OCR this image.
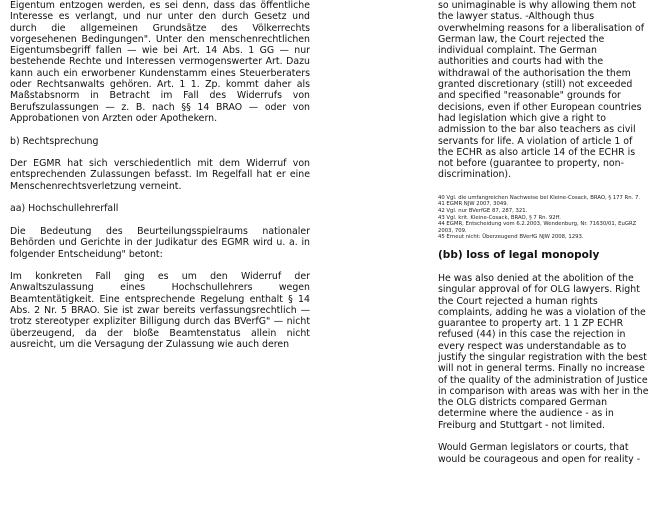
Eigentum entzogen werden, es sei denn, dass das öffentliche Interesse es verlangt, und nur unter den durch Gesetz und durch die allgemeinen Grundsätze des Völkerrechts vorgesehenen Bedingungen". Unter den menschenrechtlichen Eigentumsbegriff fallen — wie bei Art. 14 Abs. 1 GG — nur bestehende Rechte und Interessen vermogenswerter Art. Dazu kann auch ein erworbener Kundenstamm eines Steuerberaters oder Rechtsanwalts gehören. Art. 1 1. Zp. kommt daher als Maßstabsnorm in Betracht im Fall des Widerrufs von Berufszulassungen — z. B. nach §§ 14 BRAO — oder von Approbationen von Arzten oder Apothekern.

b) Rechtsprechung

Der EGMR hat sich verschiedentlich mit dem Widerruf von entsprechenden Zulassungen befasst. Im Regelfall hat er eine Menschenrechtsverletzung verneint.

aa) Hochschullehrerfall

Die Bedeutung des Beurteilungsspielraums nationaler Behörden und Gerichte in der Judikatur des EGMR wird u. a. in folgender Entscheidung" betont:

Im konkreten Fall ging es um den Widerruf der Anwaltszulassung eines Hochschullehrers wegen Beamtentätigkeit. Eine entsprechende Regelung enthalt § 14 Abs. 2 Nr. 5 BRAO. Sie ist zwar bereits verfassungsrechtlich — trotz stereotyper expliziter Billigung durch das BVerfG" — nicht überzeugend, da der bloße Beamtenstatus allein nicht ausreicht, um die Versagung der Zulassung wie auch deren

so unimaginable is why allowing them not the lawyer status. -Although thus overwhelming reasons for a liberalisation of German law, the Court rejected the individual complaint. The German authorities and courts had with the withdrawal of the authorisation the them granted discretionary (still) not exceeded and specified "reasonable" grounds for decisions, even if other European countries had legislation which give a right to admission to the bar also teachers as civil servants for life. A violation of article 1 of the ECHR as also article 14 of the ECHR is not before (guarantee to property, non-discrimination).

40 Vgl. die umfangreichen Nachweise bei Kleine-Cosack, BRAO, § 177 Rn. 7.

41 EGMR NJW 2007, 3049.

42 Vgl. nur BVerfGE 87, 287, 321.

43 Vgl. krit. Kleine-Cosack, BRAO, § 7 Rn. 92ff.

44 EGMR, Entscheidung vom 6.2.2003, Wendenburg, Nr. 71630/01, EuGRZ 2003, 709.

45 Erneut nicht: Überzeugend BVerfG NJW 2008, 1293.

(bb) loss of legal monopoly

He was also denied at the abolition of the singular approval of for OLG lawyers. Right the Court rejected a human rights complaints, adding he was a violation of the guarantee to property art. 1 1 ZP ECHR refused (44) in this case the rejection in every respect was understandable as to justify the singular registration with the best will not in general terms. Finally no increase of the quality of the administration of Justice in comparison with areas was with her in the the OLG districts compared German determine where the audience - as in Freiburg and Stuttgart - not limited.

Would German legislators or courts, that would be courageous and open for reality -
